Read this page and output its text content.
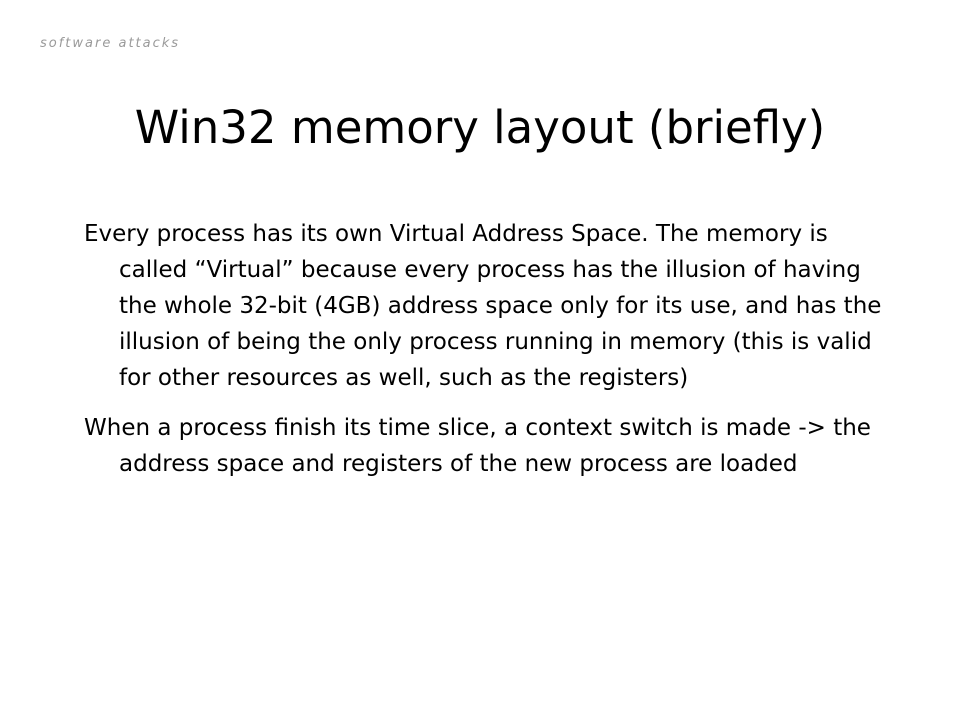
software attacks
Win32 memory layout (briefly)
Every process has its own Virtual Address Space. The memory is called “Virtual” because every process has the illusion of having the whole 32-bit (4GB) address space only for its use, and has the illusion of being the only process running in memory (this is valid for other resources as well, such as the registers)
When a process finish its time slice, a context switch is made -> the address space and registers of the new process are loaded
